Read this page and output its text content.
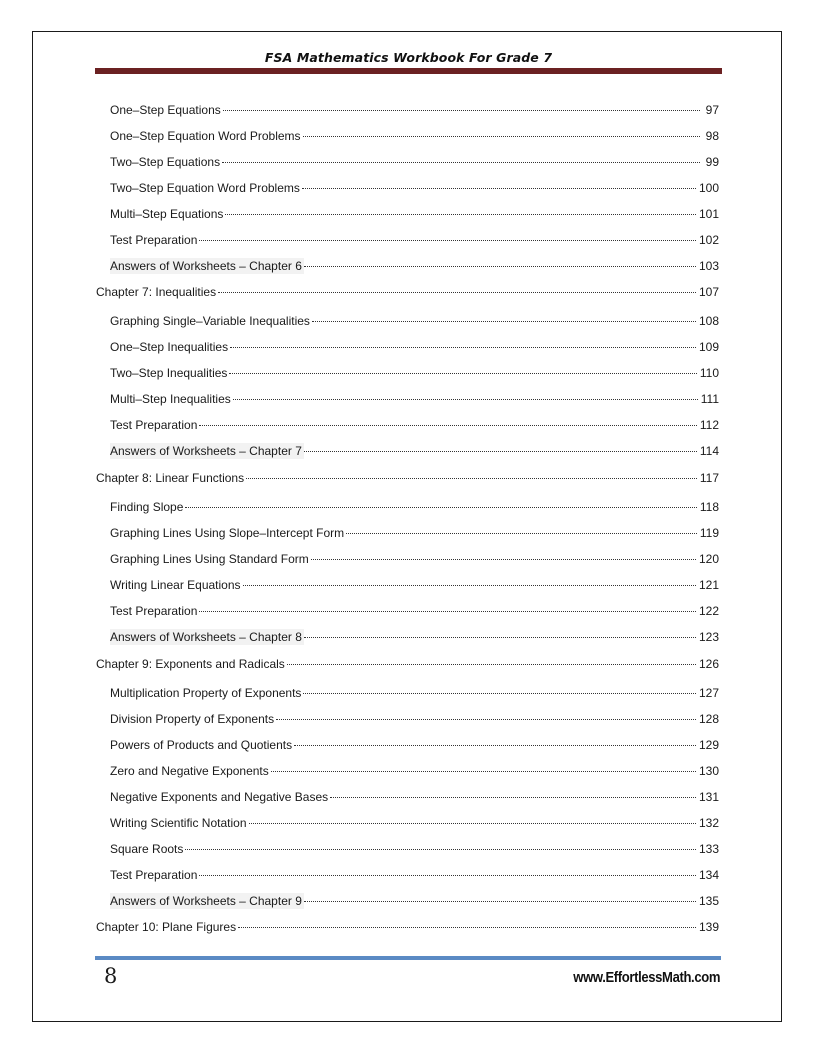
FSA Mathematics Workbook For Grade 7
One–Step Equations	97
One–Step Equation Word Problems	98
Two–Step Equations	99
Two–Step Equation Word Problems	100
Multi–Step Equations	101
Test Preparation	102
Answers of Worksheets – Chapter 6	103
Chapter 7: Inequalities	107
Graphing Single–Variable Inequalities	108
One–Step Inequalities	109
Two–Step Inequalities	110
Multi–Step Inequalities	111
Test Preparation	112
Answers of Worksheets – Chapter 7	114
Chapter 8: Linear Functions	117
Finding Slope	118
Graphing Lines Using Slope–Intercept Form	119
Graphing Lines Using Standard Form	120
Writing Linear Equations	121
Test Preparation	122
Answers of Worksheets – Chapter 8	123
Chapter 9: Exponents and Radicals	126
Multiplication Property of Exponents	127
Division Property of Exponents	128
Powers of Products and Quotients	129
Zero and Negative Exponents	130
Negative Exponents and Negative Bases	131
Writing Scientific Notation	132
Square Roots	133
Test Preparation	134
Answers of Worksheets – Chapter 9	135
Chapter 10: Plane Figures	139
8	www.EffortlessMath.com
